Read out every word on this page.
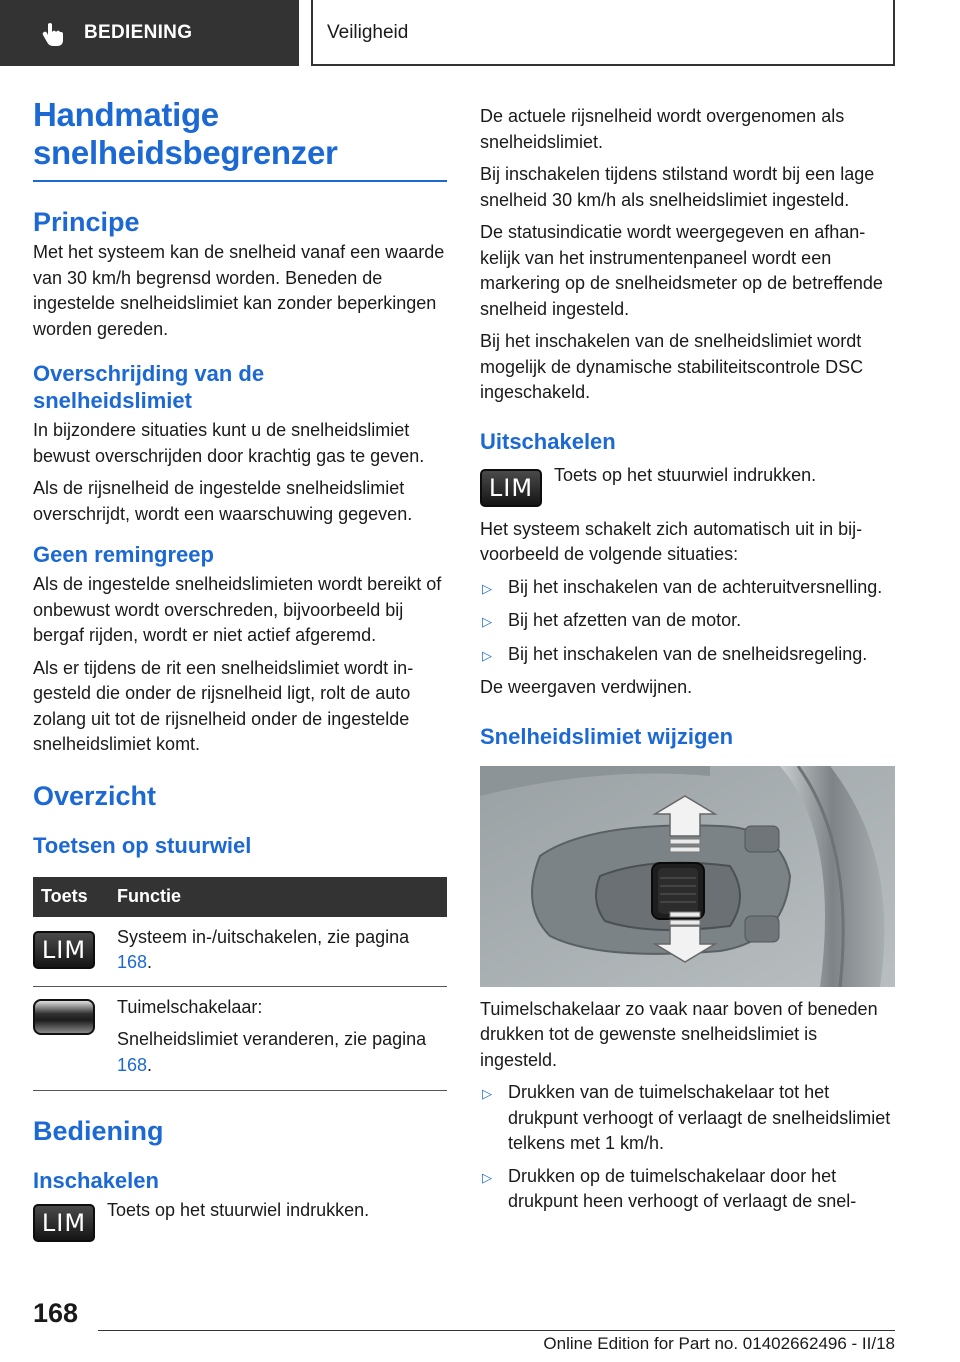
BEDIENING	Veiligheid
Handmatige snelheidsbegrenzer
Principe

Met het systeem kan de snelheid vanaf een waarde van 30 km/h begrensd worden. Beneden de ingestelde snelheidslimiet kan zonder beperkingen worden gereden.

Overschrijding van de snelheidslimiet

In bijzondere situaties kunt u de snelheidslimiet bewust overschrijden door krachtig gas te geven.

Als de rijsnelheid de ingestelde snelheidslimiet overschrijdt, wordt een waarschuwing gegeven.

Geen remingreep

Als de ingestelde snelheidslimieten wordt bereikt of onbewust wordt overschreden, bijvoorbeeld bij bergaf rijden, wordt er niet actief afgeremd.

Als er tijdens de rit een snelheidslimiet wordt ingesteld die onder de rijsnelheid ligt, rolt de auto zolang uit tot de rijsnelheid onder de ingestelde snelheidslimiet komt.

Overzicht
Toetsen op stuurwiel
Toets	Functie
LIM	Systeem in-/uitschakelen, zie pagina 168.

Tuimelschakelaar:

Snelheidslimiet veranderen, zie pagina 168.

Bediening
Inschakelen
LIM	Toets op het stuurwiel indrukken.

De actuele rijsnelheid wordt overgenomen als snelheidslimiet.

Bij inschakelen tijdens stilstand wordt bij een lage snelheid 30 km/h als snelheidslimiet ingesteld.

De statusindicatie wordt weergegeven en afhankelijk van het instrumentenpaneel wordt een markering op de snelheidsmeter op de betreffende snelheid ingesteld.

Bij het inschakelen van de snelheidslimiet wordt mogelijk de dynamische stabiliteitscontrole DSC ingeschakeld.

Uitschakelen
LIM	Toets op het stuurwiel indrukken.

Het systeem schakelt zich automatisch uit in bijvoorbeeld de volgende situaties:

▷ Bij het inschakelen van de achteruitversnelling.
▷ Bij het afzetten van de motor.
▷ Bij het inschakelen van de snelheidsregeling.

De weergaven verdwijnen.

Snelheidslimiet wijzigen

Tuimelschakelaar zo vaak naar boven of beneden drukken tot de gewenste snelheidslimiet is ingesteld.

▷ Drukken van de tuimelschakelaar tot het drukpunt verhoogt of verlaagt de snelheidslimiet telkens met 1 km/h.
▷ Drukken op de tuimelschakelaar door het drukpunt heen verhoogt of verlaagt de snel-
168
Online Edition for Part no. 01402662496 - II/18
